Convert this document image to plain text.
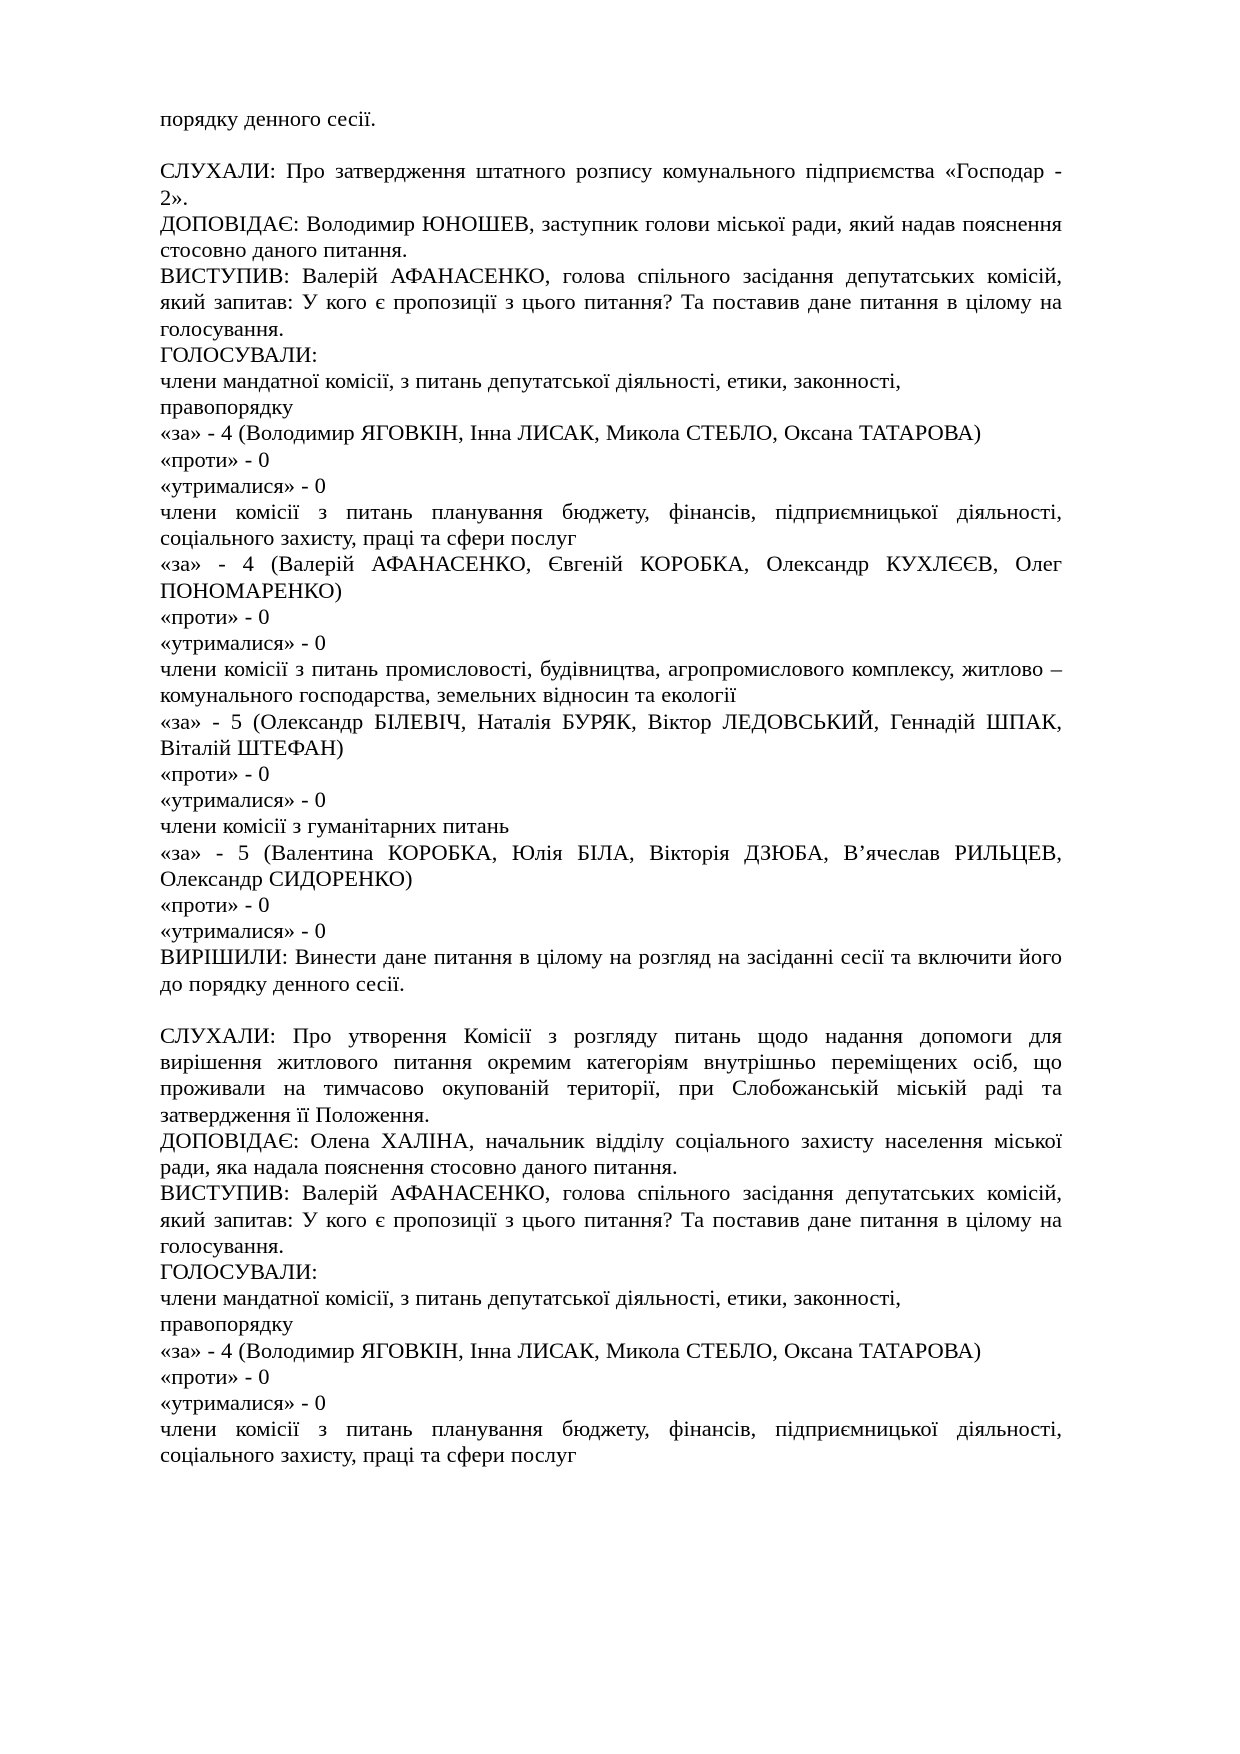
порядку денного сесії.

СЛУХАЛИ: Про затвердження штатного розпису комунального підприємства «Господар - 2».

ДОПОВІДАЄ: Володимир ЮНОШЕВ, заступник голови міської ради, який надав пояснення стосовно даного питання.

ВИСТУПИВ: Валерій АФАНАСЕНКО, голова спільного засідання депутатських комісій, який запитав: У кого є пропозиції з цього питання? Та поставив дане питання в цілому на голосування.

ГОЛОСУВАЛИ:

члени мандатної комісії, з питань депутатської діяльності, етики, законності,

правопорядку

«за» - 4 (Володимир ЯГОВКІН, Інна ЛИСАК, Микола СТЕБЛО, Оксана ТАТАРОВА)

«проти» - 0

«утрималися» - 0

члени комісії з питань планування бюджету, фінансів, підприємницької діяльності, соціального захисту, праці та сфери послуг

«за» - 4 (Валерій АФАНАСЕНКО, Євгеній КОРОБКА, Олександр КУХЛЄЄВ, Олег ПОНОМАРЕНКО)

«проти» - 0

«утрималися» - 0

члени комісії з питань промисловості, будівництва, агропромислового комплексу, житлово – комунального господарства, земельних відносин та екології

«за» - 5 (Олександр БІЛЕВІЧ, Наталія БУРЯК, Віктор ЛЕДОВСЬКИЙ, Геннадій ШПАК, Віталій ШТЕФАН)

«проти» - 0

«утрималися» - 0

члени комісії з гуманітарних питань

«за» - 5 (Валентина КОРОБКА, Юлія БІЛА, Вікторія ДЗЮБА, В’ячеслав РИЛЬЦЕВ, Олександр СИДОРЕНКО)

«проти» - 0

«утрималися» - 0

ВИРІШИЛИ: Винести дане питання в цілому на розгляд на засіданні сесії та включити його до порядку денного сесії.

СЛУХАЛИ: Про утворення Комісії з розгляду питань щодо надання допомоги для вирішення житлового питання окремим категоріям внутрішньо переміщених осіб, що проживали на тимчасово окупованій території, при Слобожанській міській раді та затвердження її Положення.

ДОПОВІДАЄ: Олена ХАЛІНА, начальник відділу соціального захисту населення міської ради, яка надала пояснення стосовно даного питання.

ВИСТУПИВ: Валерій АФАНАСЕНКО, голова спільного засідання депутатських комісій, який запитав: У кого є пропозиції з цього питання? Та поставив дане питання в цілому на голосування.

ГОЛОСУВАЛИ:

члени мандатної комісії, з питань депутатської діяльності, етики, законності,

правопорядку

«за» - 4 (Володимир ЯГОВКІН, Інна ЛИСАК, Микола СТЕБЛО, Оксана ТАТАРОВА)

«проти» - 0

«утрималися» - 0

члени комісії з питань планування бюджету, фінансів, підприємницької діяльності, соціального захисту, праці та сфери послуг
